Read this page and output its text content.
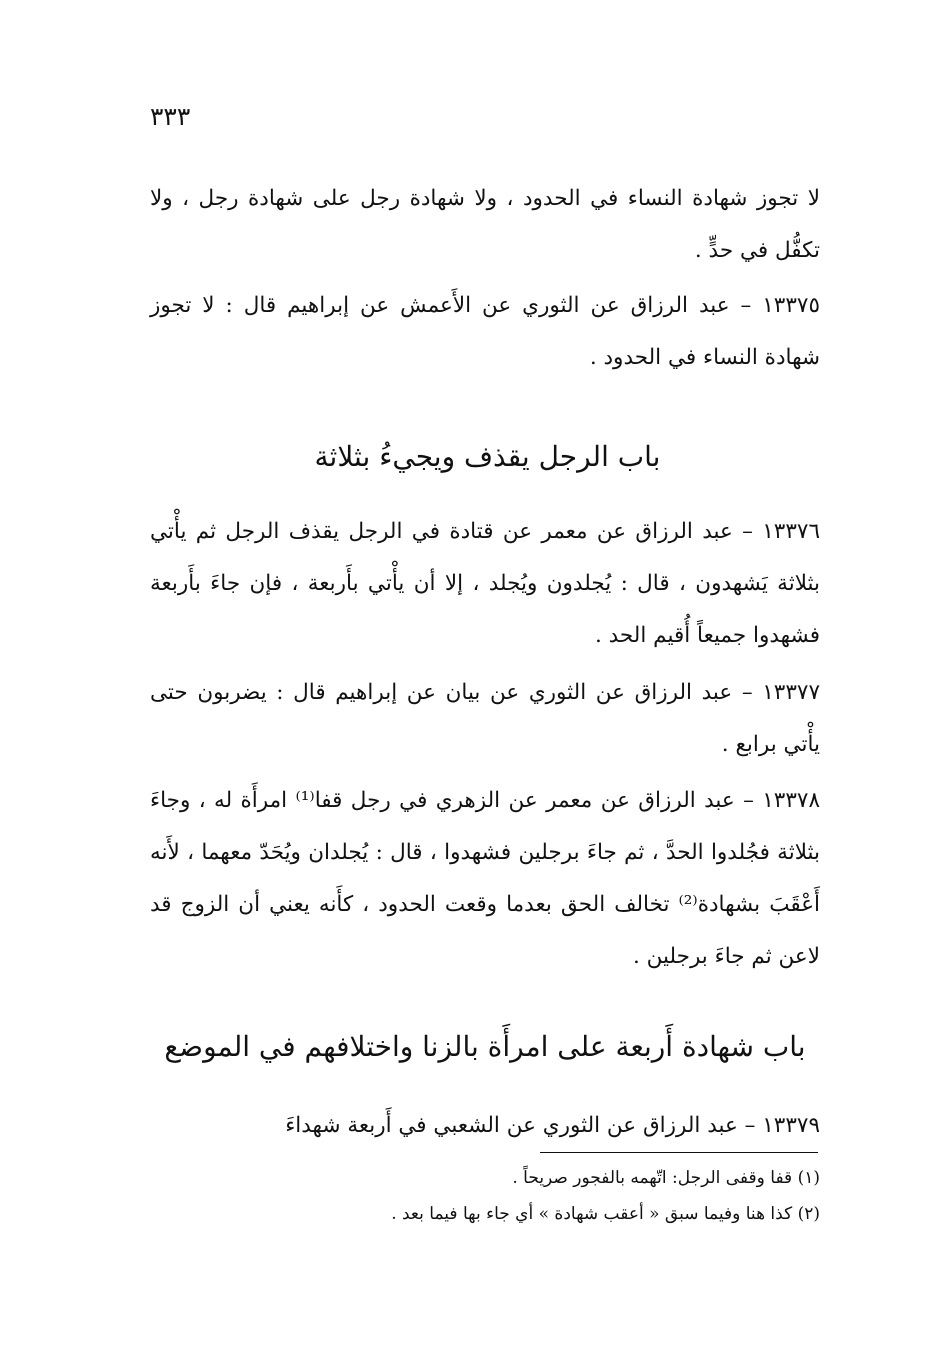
٣٣٣

لا تجوز شهادة النساء في الحدود ، ولا شهادة رجل على شهادة رجل ، ولا تكفُّل في حدٍّ .

١٣٣٧٥ – عبد الرزاق عن الثوري عن الأَعمش عن إبراهيم قال : لا تجوز شهادة النساء في الحدود .

باب الرجل يقذف ويجيءُ بثلاثة

١٣٣٧٦ – عبد الرزاق عن معمر عن قتادة في الرجل يقذف الرجل ثم يأْتي بثلاثة يَشهدون ، قال : يُجلدون ويُجلد ، إلا أن يأْتي بأَربعة ، فإن جاءَ بأَربعة فشهدوا جميعاً أُقيم الحد .

١٣٣٧٧ – عبد الرزاق عن الثوري عن بيان عن إبراهيم قال : يضربون حتى يأْتي برابع .

١٣٣٧٨ – عبد الرزاق عن معمر عن الزهري في رجل قفا⁽¹⁾ امرأَة له ، وجاءَ بثلاثة فجُلدوا الحدَّ ، ثم جاءَ برجلين فشهدوا ، قال : يُجلدان ويُحَدّ معهما ، لأَنه أَعْقَبَ بشهادة⁽²⁾ تخالف الحق بعدما وقعت الحدود ، كأَنه يعني أن الزوج قد لاعن ثم جاءَ برجلين .

باب شهادة أَربعة على امرأَة بالزنا واختلافهم في الموضع

١٣٣٧٩ – عبد الرزاق عن الثوري عن الشعبي في أَربعة شهداءَ

(١) قفا وقفى الرجل: اتّهمه بالفجور صريحاً .

(٢) كذا هنا وفيما سبق « أعقب شهادة » أي جاء بها فيما بعد .
